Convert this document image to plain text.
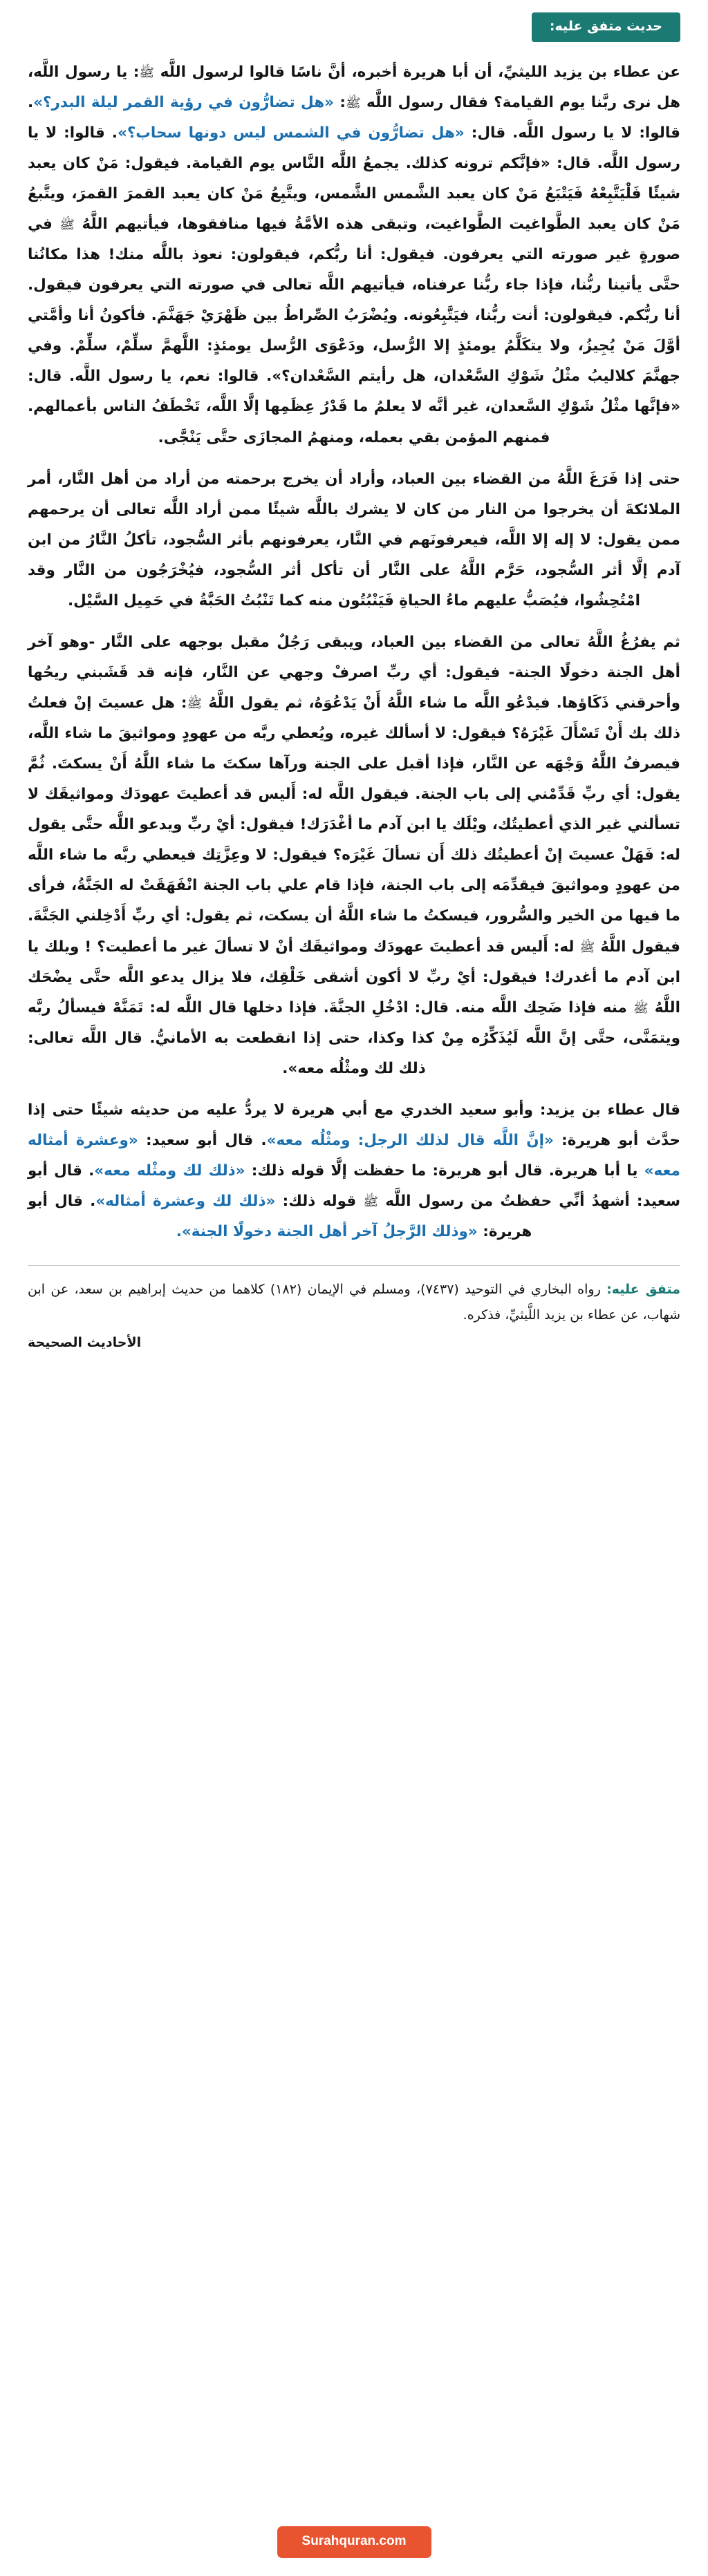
حديث متفق عليه:

عن عطاء بن يزيد الليثيِّ، أن أبا هريرة أخبره، أنَّ ناسًا قالوا لرسول اللَّه ﷺ: يا رسول اللَّه، هل نرى ربَّنا يوم القيامة؟ فقال رسول اللَّه ﷺ: «هل تضارُّون في رؤية القمر ليلة البدر؟». قالوا: لا يا رسول اللَّه. قال: «هل تضارُّون في الشمس ليس دونها سحاب؟». قالوا: لا يا رسول اللَّه. قال: «فإنَّكم ترونه كذلك. يجمعُ اللَّه النَّاس يوم القيامة. فيقول: مَنْ كان يعبد شيئًا فَلْيَتَّبِعْهُ فَيَتْبَعُ مَنْ كان يعبد الشَّمس الشَّمس، ويتَّبِعُ مَنْ كان يعبد القمرَ القمرَ، ويتَّبعُ مَنْ كان يعبد الطَّواغيت الطَّواغيت، وتبقى هذه الأمَّةُ فيها منافقوها، فيأتيهم اللَّهُ ﷺ في صورةٍ غير صورته التي يعرفون. فيقول: أنا ربُّكم، فيقولون: نعوذ باللَّه منك! هذا مكانُنا حتَّى يأتينا ربُّنا، فإذا جاء ربُّنا عرفناه، فيأتيهم اللَّه تعالى في صورته التي يعرفون فيقول. أنا ربُّكم. فيقولون: أنت ربُّنا، فيَتَّبِعُونه. ويُضْرَبُ الصِّراطُ بين ظَهْرَيْ جَهَنَّمَ. فأكونُ أنا وأمَّتي أوَّلَ مَنْ يُجِيزُ، ولا يتكَلَّمُ يومئذٍ إلا الرُّسل، ودَعْوَى الرُّسل يومئذٍ: اللَّهمَّ سلِّمْ، سلِّمْ. وفي جهنَّمَ كلاليبُ مثْلُ شَوْكِ السَّعْدان، هل رأيتم السَّعْدان؟». قالوا: نعم، يا رسول اللَّه. قال: «فإنَّها مثْلُ شَوْكِ السَّعدان، غير أنَّه لا يعلمُ ما قَدْرُ عِظَمِها إلَّا اللَّه، تَخْطَفُ الناس بأعمالهم. فمنهم المؤمن بقي بعمله، ومنهمُ المجازَى حتَّى يَنْجَّى.

حتى إذا فَرَغَ اللَّهُ من القضاء بين العباد، وأراد أن يخرج برحمته من أراد من أهل النَّار، أمر الملائكةَ أن يخرجوا من النار من كان لا يشرك باللَّه شيئًا ممن أراد اللَّه تعالى أن يرحمهم ممن يقول: لا إله إلا اللَّه، فيعرفونَهم في النَّار، يعرفونهم بأثر السُّجود، تأكلُ النَّارُ من ابن آدم إلَّا أثر السُّجود، حَرَّم اللَّهُ على النَّار أن تأكل أثر السُّجود، فيُخْرَجُون من النَّار وقد امْتُحِشُوا، فيُصَبُّ عليهم ماءُ الحياةِ فَيَنْبُتُون منه كما تَنْبُتُ الحَبَّةُ في حَمِيل السَّيْل.

ثم يفرُغُ اللَّهُ تعالى من القضاء بين العباد، ويبقى رَجُلٌ مقبل بوجهه على النَّار -وهو آخر أهل الجنة دخولًا الجنة- فيقول: أي ربِّ اصرفْ وجهي عن النَّار، فإنه قد قَشَبني ريحُها وأحرقني ذَكَاؤها. فيدْعُو اللَّه ما شاء اللَّهُ أَنْ يَدْعُوَهُ، ثم يقول اللَّهُ ﷺ: هل عسيتَ إنْ فعلتُ ذلك بك أَنْ تَسْأَلَ غَيْرَهُ؟ فيقول: لا أسألك غيره، ويُعطي ربَّه من عهودٍ ومواثيقَ ما شاء اللَّه، فيصرفُ اللَّهُ وَجْهَه عن النَّار، فإذا أقبل على الجنة ورآها سكتَ ما شاء اللَّهُ أَنْ يسكتَ. ثُمَّ يقول: أي ربِّ قَدِّمْني إلى باب الجنة. فيقول اللَّه له: أَليس قد أعطيتَ عهودَك ومواثيقَك لا تسألني غير الذي أعطيتُك، ويْلَك يا ابن آدم ما أغْدَرَك! فيقول: أيْ ربِّ ويدعو اللَّه حتَّى يقول له: فَهَلْ عسيتَ إنْ أعطيتُك ذلك أَن تسألَ غَيْرَه؟ فيقول: لا وعِزَّتِك فيعطي ربَّه ما شاء اللَّه من عهودٍ ومواثيقَ فيقدِّمَه إلى باب الجنة، فإذا قام علي باب الجنة انْفَهَقَتْ له الجَنَّةُ، فرأى ما فيها من الخير والسُّرور، فيسكتُ ما شاء اللَّهُ أن يسكت، ثم يقول: أي ربِّ أَدْخِلني الجَنَّةَ. فيقول اللَّهُ ﷺ له: أَليس قد أعطيتَ عهودَك ومواثيقَك أنْ لا تسألَ غير ما أعطيت؟ ! ويلك يا ابن آدم ما أغدرك! فيقول: أيْ ربِّ لا أكون أشقى خَلْقِك، فلا يزال يدعو اللَّه حتَّى يضْحَك اللَّهُ ﷺ منه فإذا ضَحِك اللَّه منه. قال: ادْخُلِ الجنَّةَ. فإذا دخلها قال اللَّه له: تَمَنَّهْ فيسألُ ربَّه ويتمَنَّى، حتَّى إنَّ اللَّه لَيُذَكِّرُه مِنْ كذا وكذا، حتى إذا انقطعت به الأمانيُّ. قال اللَّه تعالى: ذلك لك ومثْلُه معه».

قال عطاء بن يزيد: وأبو سعيد الخدري مع أبي هريرة لا يردُّ عليه من حديثه شيئًا حتى إذا حدَّث أبو هريرة: «إنَّ اللَّه قال لذلك الرجل: ومثْلُه معه». قال أبو سعيد: «وعشرة أمثاله معه» يا أبا هريرة. قال أبو هريرة: ما حفظت إلَّا قوله ذلك: «ذلك لك ومثْله معه». قال أبو سعيد: أشهدُ أنِّي حفظتُ من رسول اللَّه ﷺ قوله ذلك: «ذلك لك وعشرة أمثاله». قال أبو هريرة: «وذلك الرَّجلُ آخر أهل الجنة دخولًا الجنة».

متفق عليه: رواه البخاري في التوحيد (٧٤٣٧)، ومسلم في الإيمان (١٨٢) كلاهما من حديث إبراهيم بن سعد، عن ابن شهاب، عن عطاء بن يزيد اللَّيثيِّ، فذكره.
الأحاديث الصحيحة
Surahquran.com
